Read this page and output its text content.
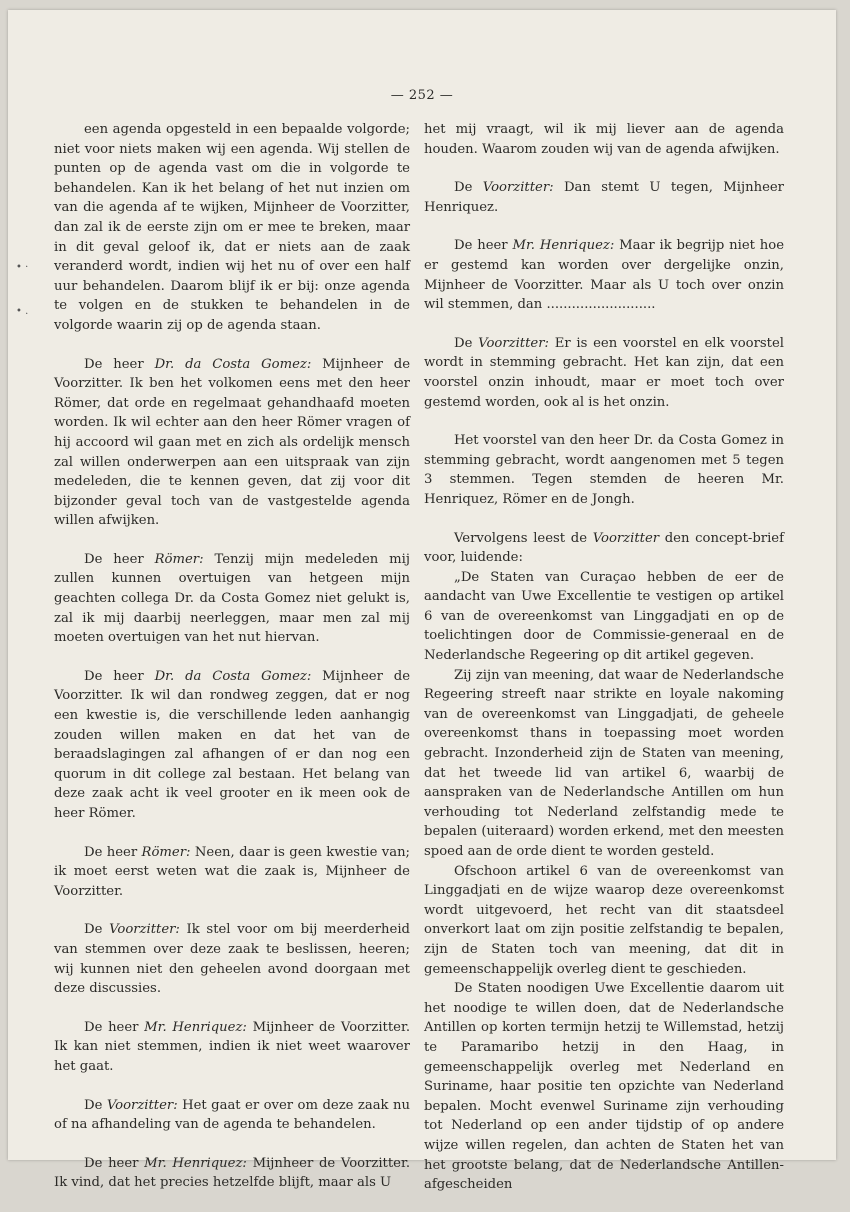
— 252 —
• ·
• .

een agenda opgesteld in een bepaalde volgorde; niet voor niets maken wij een agenda. Wij stellen de punten op de agenda vast om die in volgorde te behandelen. Kan ik het belang of het nut inzien om van die agenda af te wijken, Mijnheer de Voorzitter, dan zal ik de eerste zijn om er mee te breken, maar in dit geval geloof ik, dat er niets aan de zaak veranderd wordt, indien wij het nu of over een half uur behandelen. Daarom blijf ik er bij: onze agenda te volgen en de stukken te behandelen in de volgorde waarin zij op de agenda staan.

De heer Dr. da Costa Gomez: Mijnheer de Voorzitter. Ik ben het volkomen eens met den heer Römer, dat orde en regelmaat gehandhaafd moeten worden. Ik wil echter aan den heer Römer vragen of hij accoord wil gaan met en zich als ordelijk mensch zal willen onderwerpen aan een uitspraak van zijn medeleden, die te kennen geven, dat zij voor dit bijzonder geval toch van de vastgestelde agenda willen afwijken.

De heer Römer: Tenzij mijn medeleden mij zullen kunnen overtuigen van hetgeen mijn geachten collega Dr. da Costa Gomez niet gelukt is, zal ik mij daarbij neerleggen, maar men zal mij moeten overtuigen van het nut hiervan.

De heer Dr. da Costa Gomez: Mijnheer de Voorzitter. Ik wil dan rondweg zeggen, dat er nog een kwestie is, die verschillende leden aanhangig zouden willen maken en dat het van de beraadslagingen zal afhangen of er dan nog een quorum in dit college zal bestaan. Het belang van deze zaak acht ik veel grooter en ik meen ook de heer Römer.

De heer Römer: Neen, daar is geen kwestie van; ik moet eerst weten wat die zaak is, Mijnheer de Voorzitter.

De Voorzitter: Ik stel voor om bij meerderheid van stemmen over deze zaak te beslissen, heeren; wij kunnen niet den geheelen avond doorgaan met deze discussies.

De heer Mr. Henriquez: Mijnheer de Voorzitter. Ik kan niet stemmen, indien ik niet weet waarover het gaat.

De Voorzitter: Het gaat er over om deze zaak nu of na afhandeling van de agenda te behandelen.

De heer Mr. Henriquez: Mijnheer de Voorzitter. Ik vind, dat het precies hetzelfde blijft, maar als U

het mij vraagt, wil ik mij liever aan de agenda houden. Waarom zouden wij van de agenda afwijken.

De Voorzitter: Dan stemt U tegen, Mijnheer Henriquez.

De heer Mr. Henriquez: Maar ik begrijp niet hoe er gestemd kan worden over dergelijke onzin, Mijnheer de Voorzitter. Maar als U toch over onzin wil stemmen, dan ..........................

De Voorzitter: Er is een voorstel en elk voorstel wordt in stemming gebracht. Het kan zijn, dat een voorstel onzin inhoudt, maar er moet toch over gestemd worden, ook al is het onzin.

Het voorstel van den heer Dr. da Costa Gomez in stemming gebracht, wordt aangenomen met 5 tegen 3 stemmen. Tegen stemden de heeren Mr. Henriquez, Römer en de Jongh.

Vervolgens leest de Voorzitter den concept-brief voor, luidende:

„De Staten van Curaçao hebben de eer de aandacht van Uwe Excellentie te vestigen op artikel 6 van de overeenkomst van Linggadjati en op de toelichtingen door de Commissie-generaal en de Nederlandsche Regeering op dit artikel gegeven.

Zij zijn van meening, dat waar de Nederlandsche Regeering streeft naar strikte en loyale nakoming van de overeenkomst van Linggadjati, de geheele overeenkomst thans in toepassing moet worden gebracht. Inzonderheid zijn de Staten van meening, dat het tweede lid van artikel 6, waarbij de aanspraken van de Nederlandsche Antillen om hun verhouding tot Nederland zelfstandig mede te bepalen (uiteraard) worden erkend, met den meesten spoed aan de orde dient te worden gesteld.

Ofschoon artikel 6 van de overeenkomst van Linggadjati en de wijze waarop deze overeenkomst wordt uitgevoerd, het recht van dit staatsdeel onverkort laat om zijn positie zelfstandig te bepalen, zijn de Staten toch van meening, dat dit in gemeenschappelijk overleg dient te geschieden.

De Staten noodigen Uwe Excellentie daarom uit het noodige te willen doen, dat de Nederlandsche Antillen op korten termijn hetzij te Willemstad, hetzij te Paramaribo hetzij in den Haag, in gemeenschappelijk overleg met Nederland en Suriname, haar positie ten opzichte van Nederland bepalen. Mocht evenwel Suriname zijn verhouding tot Nederland op een ander tijdstip of op andere wijze willen regelen, dan achten de Staten het van het grootste belang, dat de Nederlandsche Antillen-afgescheiden
